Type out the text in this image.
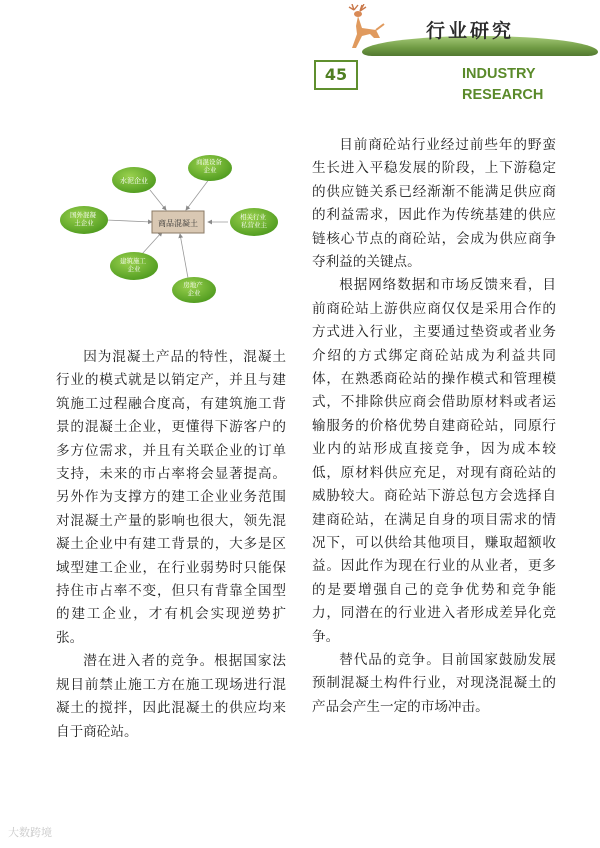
行业研究
45	INDUSTRY
RESEARCH
商品混凝土
水泥企业
商混设备 企业
相关行业 私营业主
房地产 企业
建筑施工 企业
国外混凝 土企业

因为混凝土产品的特性，混凝土行业的模式就是以销定产，并且与建筑施工过程融合度高，有建筑施工背景的混凝土企业，更懂得下游客户的多方位需求，并且有关联企业的订单支持，未来的市占率将会显著提高。另外作为支撑方的建工企业业务范围对混凝土产量的影响也很大，领先混凝土企业中有建工背景的，大多是区域型建工企业，在行业弱势时只能保持住市占率不变，但只有背靠全国型的建工企业，才有机会实现逆势扩张。

潜在进入者的竞争。根据国家法规目前禁止施工方在施工现场进行混凝土的搅拌，因此混凝土的供应均来自于商砼站。

目前商砼站行业经过前些年的野蛮生长进入平稳发展的阶段，上下游稳定的供应链关系已经渐渐不能满足供应商的利益需求，因此作为传统基建的供应链核心节点的商砼站，会成为供应商争夺利益的关键点。

根据网络数据和市场反馈来看，目前商砼站上游供应商仅仅是采用合作的方式进入行业，主要通过垫资或者业务介绍的方式绑定商砼站成为利益共同体，在熟悉商砼站的操作模式和管理模式，不排除供应商会借助原材料或者运输服务的价格优势自建商砼站，同原行业内的站形成直接竞争，因为成本较低，原材料供应充足，对现有商砼站的威胁较大。商砼站下游总包方会选择自建商砼站，在满足自身的项目需求的情况下，可以供给其他项目，赚取超额收益。因此作为现在行业的从业者，更多的是要增强自己的竞争优势和竞争能力，同潜在的行业进入者形成差异化竞争。

替代品的竞争。目前国家鼓励发展预制混凝土构件行业，对现浇混凝土的产品会产生一定的市场冲击。

大数跨境
